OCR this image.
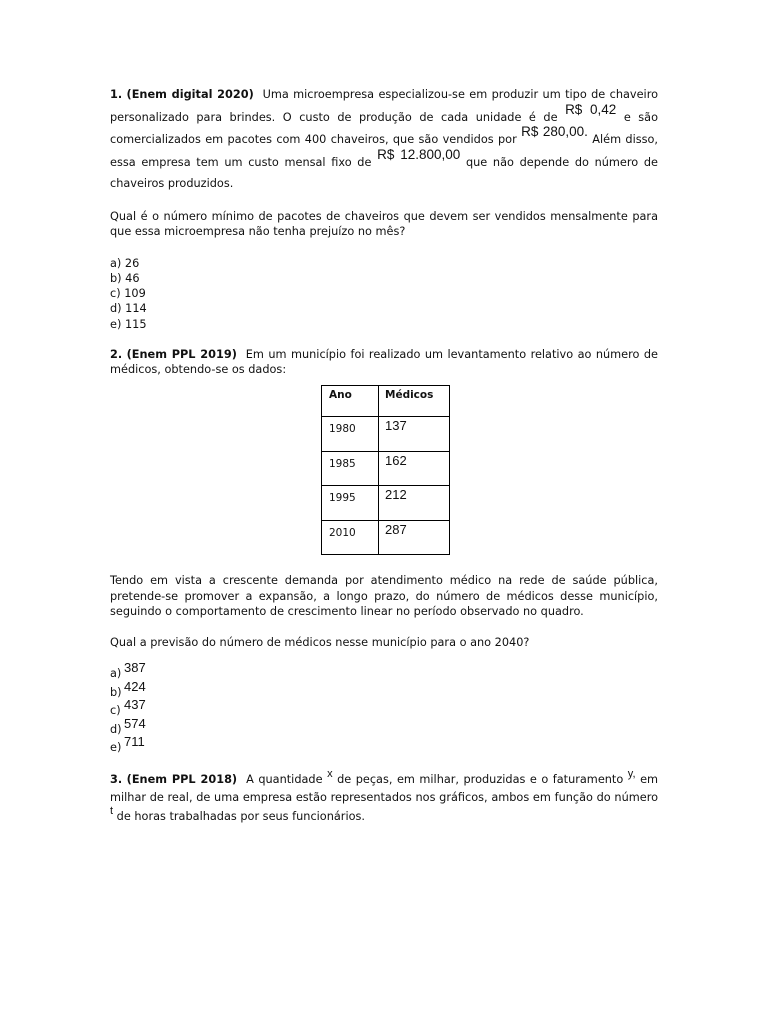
1. (Enem digital 2020) Uma microempresa especializou-se em produzir um tipo de chaveiro personalizado para brindes. O custo de produção de cada unidade é de R$ 0,42 e são comercializados em pacotes com 400 chaveiros, que são vendidos por R$ 280,00. Além disso, essa empresa tem um custo mensal fixo de R$ 12.800,00 que não depende do número de chaveiros produzidos.

Qual é o número mínimo de pacotes de chaveiros que devem ser vendidos mensalmente para que essa microempresa não tenha prejuízo no mês?

a) 26
b) 46
c) 109
d) 114
e) 115

2. (Enem PPL 2019) Em um município foi realizado um levantamento relativo ao número de médicos, obtendo-se os dados:

Ano	Médicos
1980	137
1985	162
1995	212
2010	287

Tendo em vista a crescente demanda por atendimento médico na rede de saúde pública, pretende-se promover a expansão, a longo prazo, do número de médicos desse município, seguindo o comportamento de crescimento linear no período observado no quadro.

Qual a previsão do número de médicos nesse município para o ano 2040?

a) 387
b) 424
c) 437
d) 574
e) 711

3. (Enem PPL 2018) A quantidade x de peças, em milhar, produzidas e o faturamento y, em milhar de real, de uma empresa estão representados nos gráficos, ambos em função do número t de horas trabalhadas por seus funcionários.
